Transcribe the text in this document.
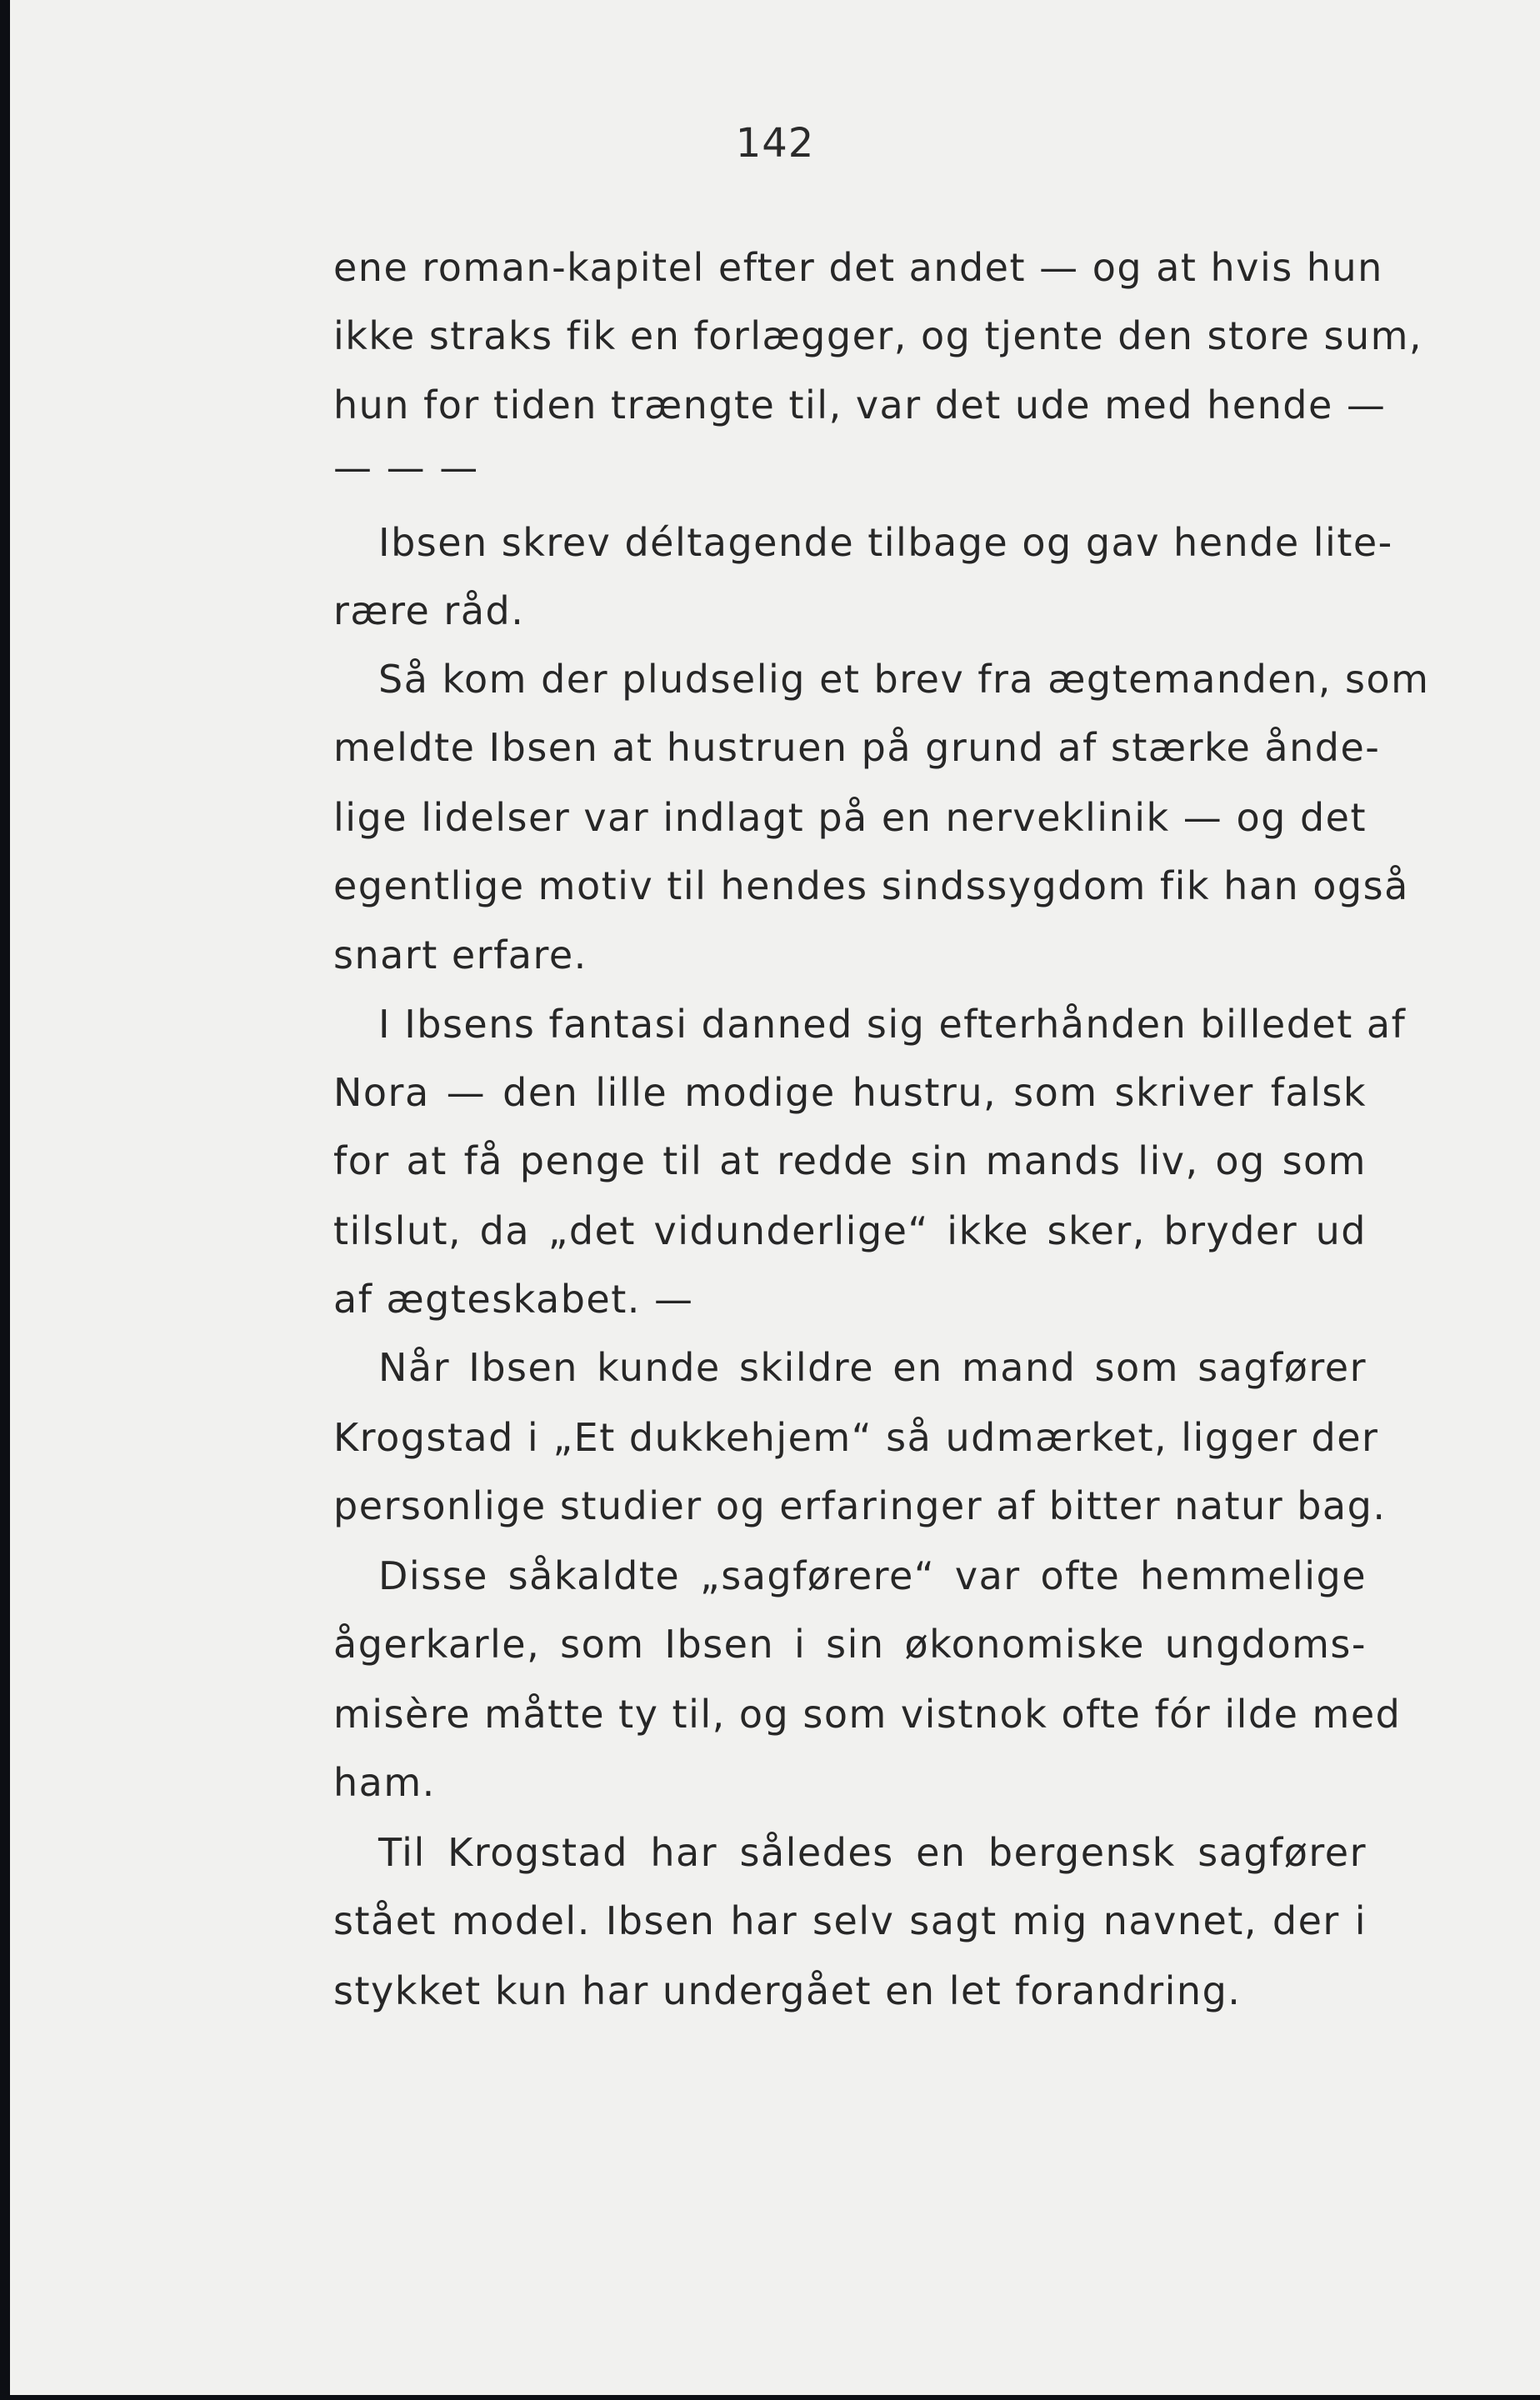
142
ene roman-kapitel efter det andet — og at hvis hun
ikke straks fik en forlægger, og tjente den store sum,
hun for tiden trængte til, var det ude med hende —
— — —
Ibsen skrev déltagende tilbage og gav hende lite-
rære råd.
Så kom der pludselig et brev fra ægtemanden, som
meldte Ibsen at hustruen på grund af stærke ånde-
lige lidelser var indlagt på en nerveklinik — og det
egentlige motiv til hendes sindssygdom fik han også
snart erfare.
I Ibsens fantasi danned sig efterhånden billedet af
Nora — den lille modige hustru, som skriver falsk
for at få penge til at redde sin mands liv, og som
tilslut, da „det vidunderlige“ ikke sker, bryder ud
af ægteskabet. —
Når Ibsen kunde skildre en mand som sagfører
Krogstad i „Et dukkehjem“ så udmærket, ligger der
personlige studier og erfaringer af bitter natur bag.
Disse såkaldte „sagførere“ var ofte hemmelige
ågerkarle, som Ibsen i sin økonomiske ungdoms-
misère måtte ty til, og som vistnok ofte fór ilde med
ham.
Til Krogstad har således en bergensk sagfører
stået model. Ibsen har selv sagt mig navnet, der i
stykket kun har undergået en let forandring.
